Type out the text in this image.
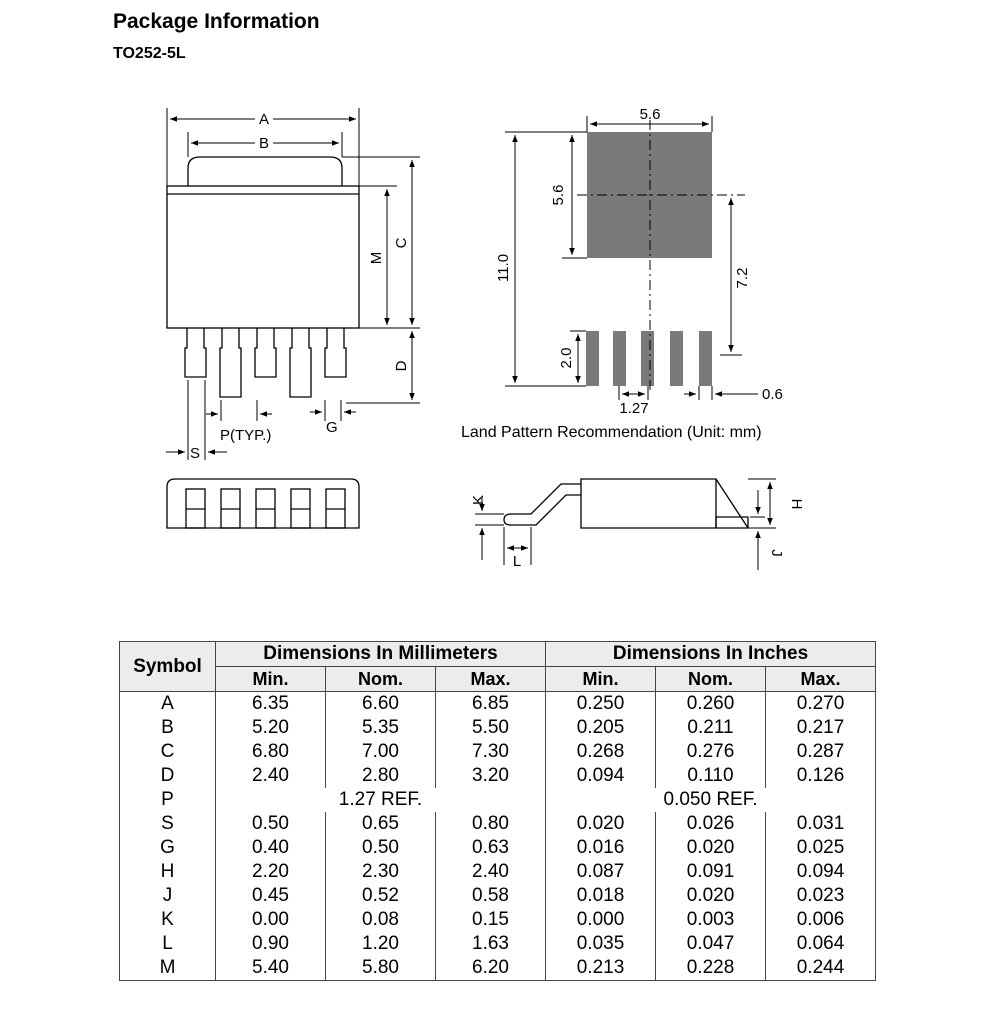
Package Information
TO252-5L
A
B
M
C
D
P(TYP.)	G
S
5.6
5.6
11.0	7.2
2.0
1.27
0.6
Land Pattern Recommendation (Unit: mm)
H
J
K
L
Symbol	Dimensions In Millimeters			Dimensions In Inches		
	Min.	Nom.	Max.	Min.	Nom.	Max.
A	6.35	6.60	6.85	0.250	0.260	0.270
B	5.20	5.35	5.50	0.205	0.211	0.217
C	6.80	7.00	7.30	0.268	0.276	0.287
D	2.40	2.80	3.20	0.094	0.110	0.126
P	1.27 REF.			0.050 REF.		
S	0.50	0.65	0.80	0.020	0.026	0.031
G	0.40	0.50	0.63	0.016	0.020	0.025
H	2.20	2.30	2.40	0.087	0.091	0.094
J	0.45	0.52	0.58	0.018	0.020	0.023
K	0.00	0.08	0.15	0.000	0.003	0.006
L	0.90	1.20	1.63	0.035	0.047	0.064
M	5.40	5.80	6.20	0.213	0.228	0.244
